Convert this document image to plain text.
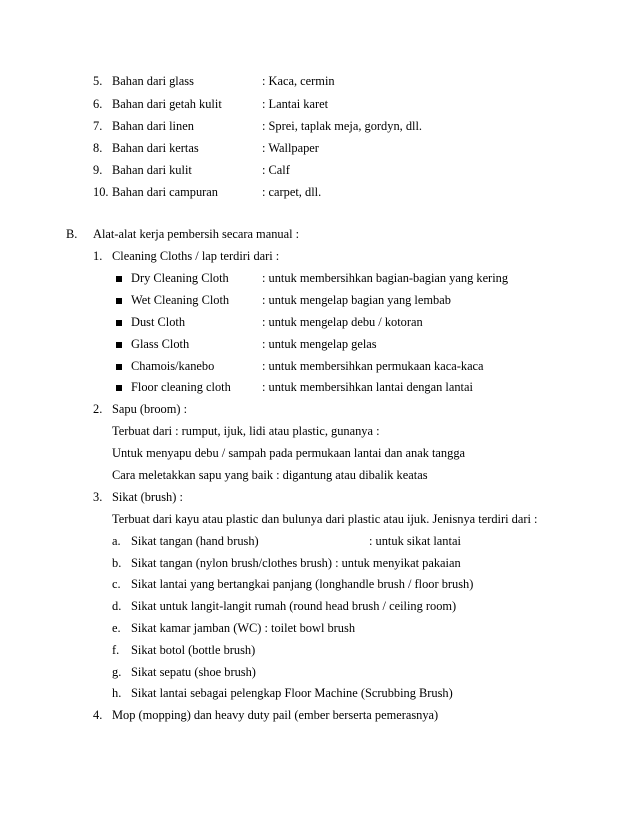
5. Bahan dari glass	: Kaca, cermin
6. Bahan dari getah kulit	: Lantai karet
7. Bahan dari linen	: Sprei, taplak meja, gordyn, dll.
8. Bahan dari kertas	: Wallpaper
9. Bahan dari kulit	: Calf
10. Bahan dari campuran	: carpet, dll.
B. Alat-alat kerja pembersih secara manual :
1. Cleaning Cloths / lap terdiri dari :
Dry Cleaning Cloth	: untuk membersihkan bagian-bagian yang kering
Wet Cleaning Cloth	: untuk mengelap bagian yang lembab
Dust Cloth	: untuk mengelap debu / kotoran
Glass Cloth	: untuk mengelap gelas
Chamois/kanebo	: untuk membersihkan permukaan kaca-kaca
Floor cleaning cloth	: untuk membersihkan lantai dengan lantai
2. Sapu (broom) :
Terbuat dari : rumput, ijuk, lidi atau plastic, gunanya :
Untuk menyapu debu / sampah pada permukaan lantai dan anak tangga
Cara meletakkan sapu yang baik : digantung atau dibalik keatas
3. Sikat (brush) :
Terbuat dari kayu atau plastic dan bulunya dari plastic atau ijuk. Jenisnya terdiri dari :
a. Sikat tangan (hand brush)	: untuk sikat lantai
b. Sikat tangan (nylon brush/clothes brush) : untuk menyikat pakaian
c. Sikat lantai yang bertangkai panjang (longhandle brush / floor brush)
d. Sikat untuk langit-langit rumah (round head brush / ceiling room)
e. Sikat kamar jamban (WC) : toilet bowl brush
f. Sikat botol (bottle brush)
g. Sikat sepatu (shoe brush)
h. Sikat lantai sebagai pelengkap Floor Machine (Scrubbing Brush)
4. Mop (mopping) dan heavy duty pail (ember berserta pemerasnya)
